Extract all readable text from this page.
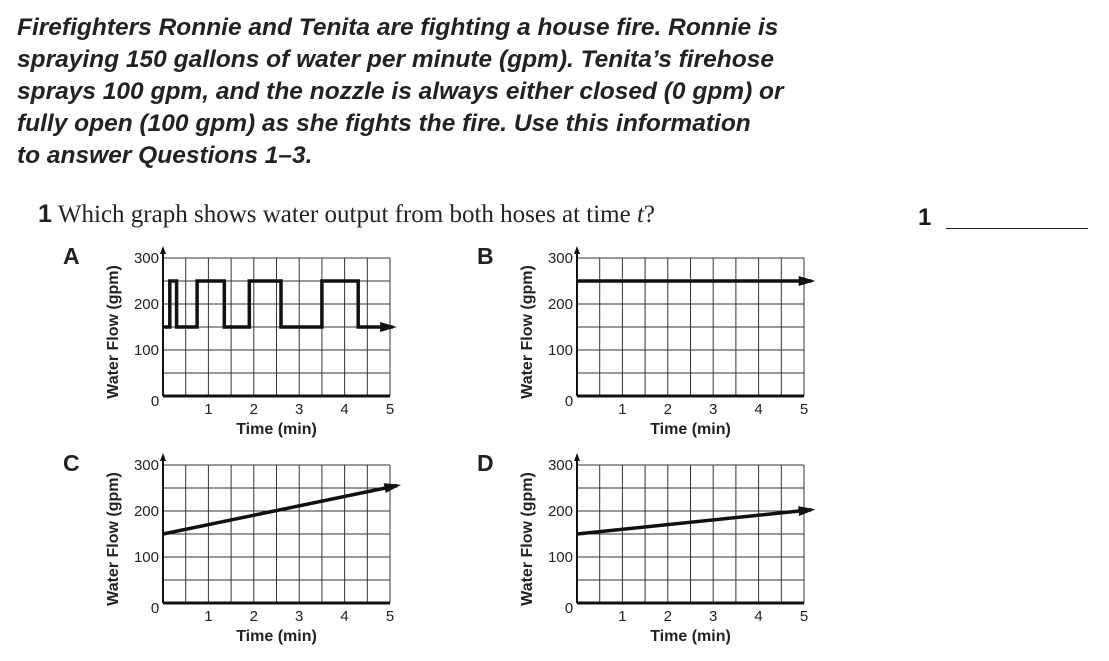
Firefighters Ronnie and Tenita are fighting a house fire. Ronnie is
spraying 150 gallons of water per minute (gpm). Tenita’s firehose
sprays 100 gpm, and the nozzle is always either closed (0 gpm) or
fully open (100 gpm) as she fights the fire. Use this information
to answer Questions 1–3.
1 Which graph shows water output from both hoses at time t?	1
A
100
200
300
0	1 2 3 4 5
Time (min)
Water Flow (gpm)
B
100
200
300
0	1 2 3 4 5
Time (min)
Water Flow (gpm)
C
100
200
300
0	1 2 3 4 5
Time (min)
Water Flow (gpm)
D
100
200
300
0	1 2 3 4 5
Time (min)
Water Flow (gpm)
